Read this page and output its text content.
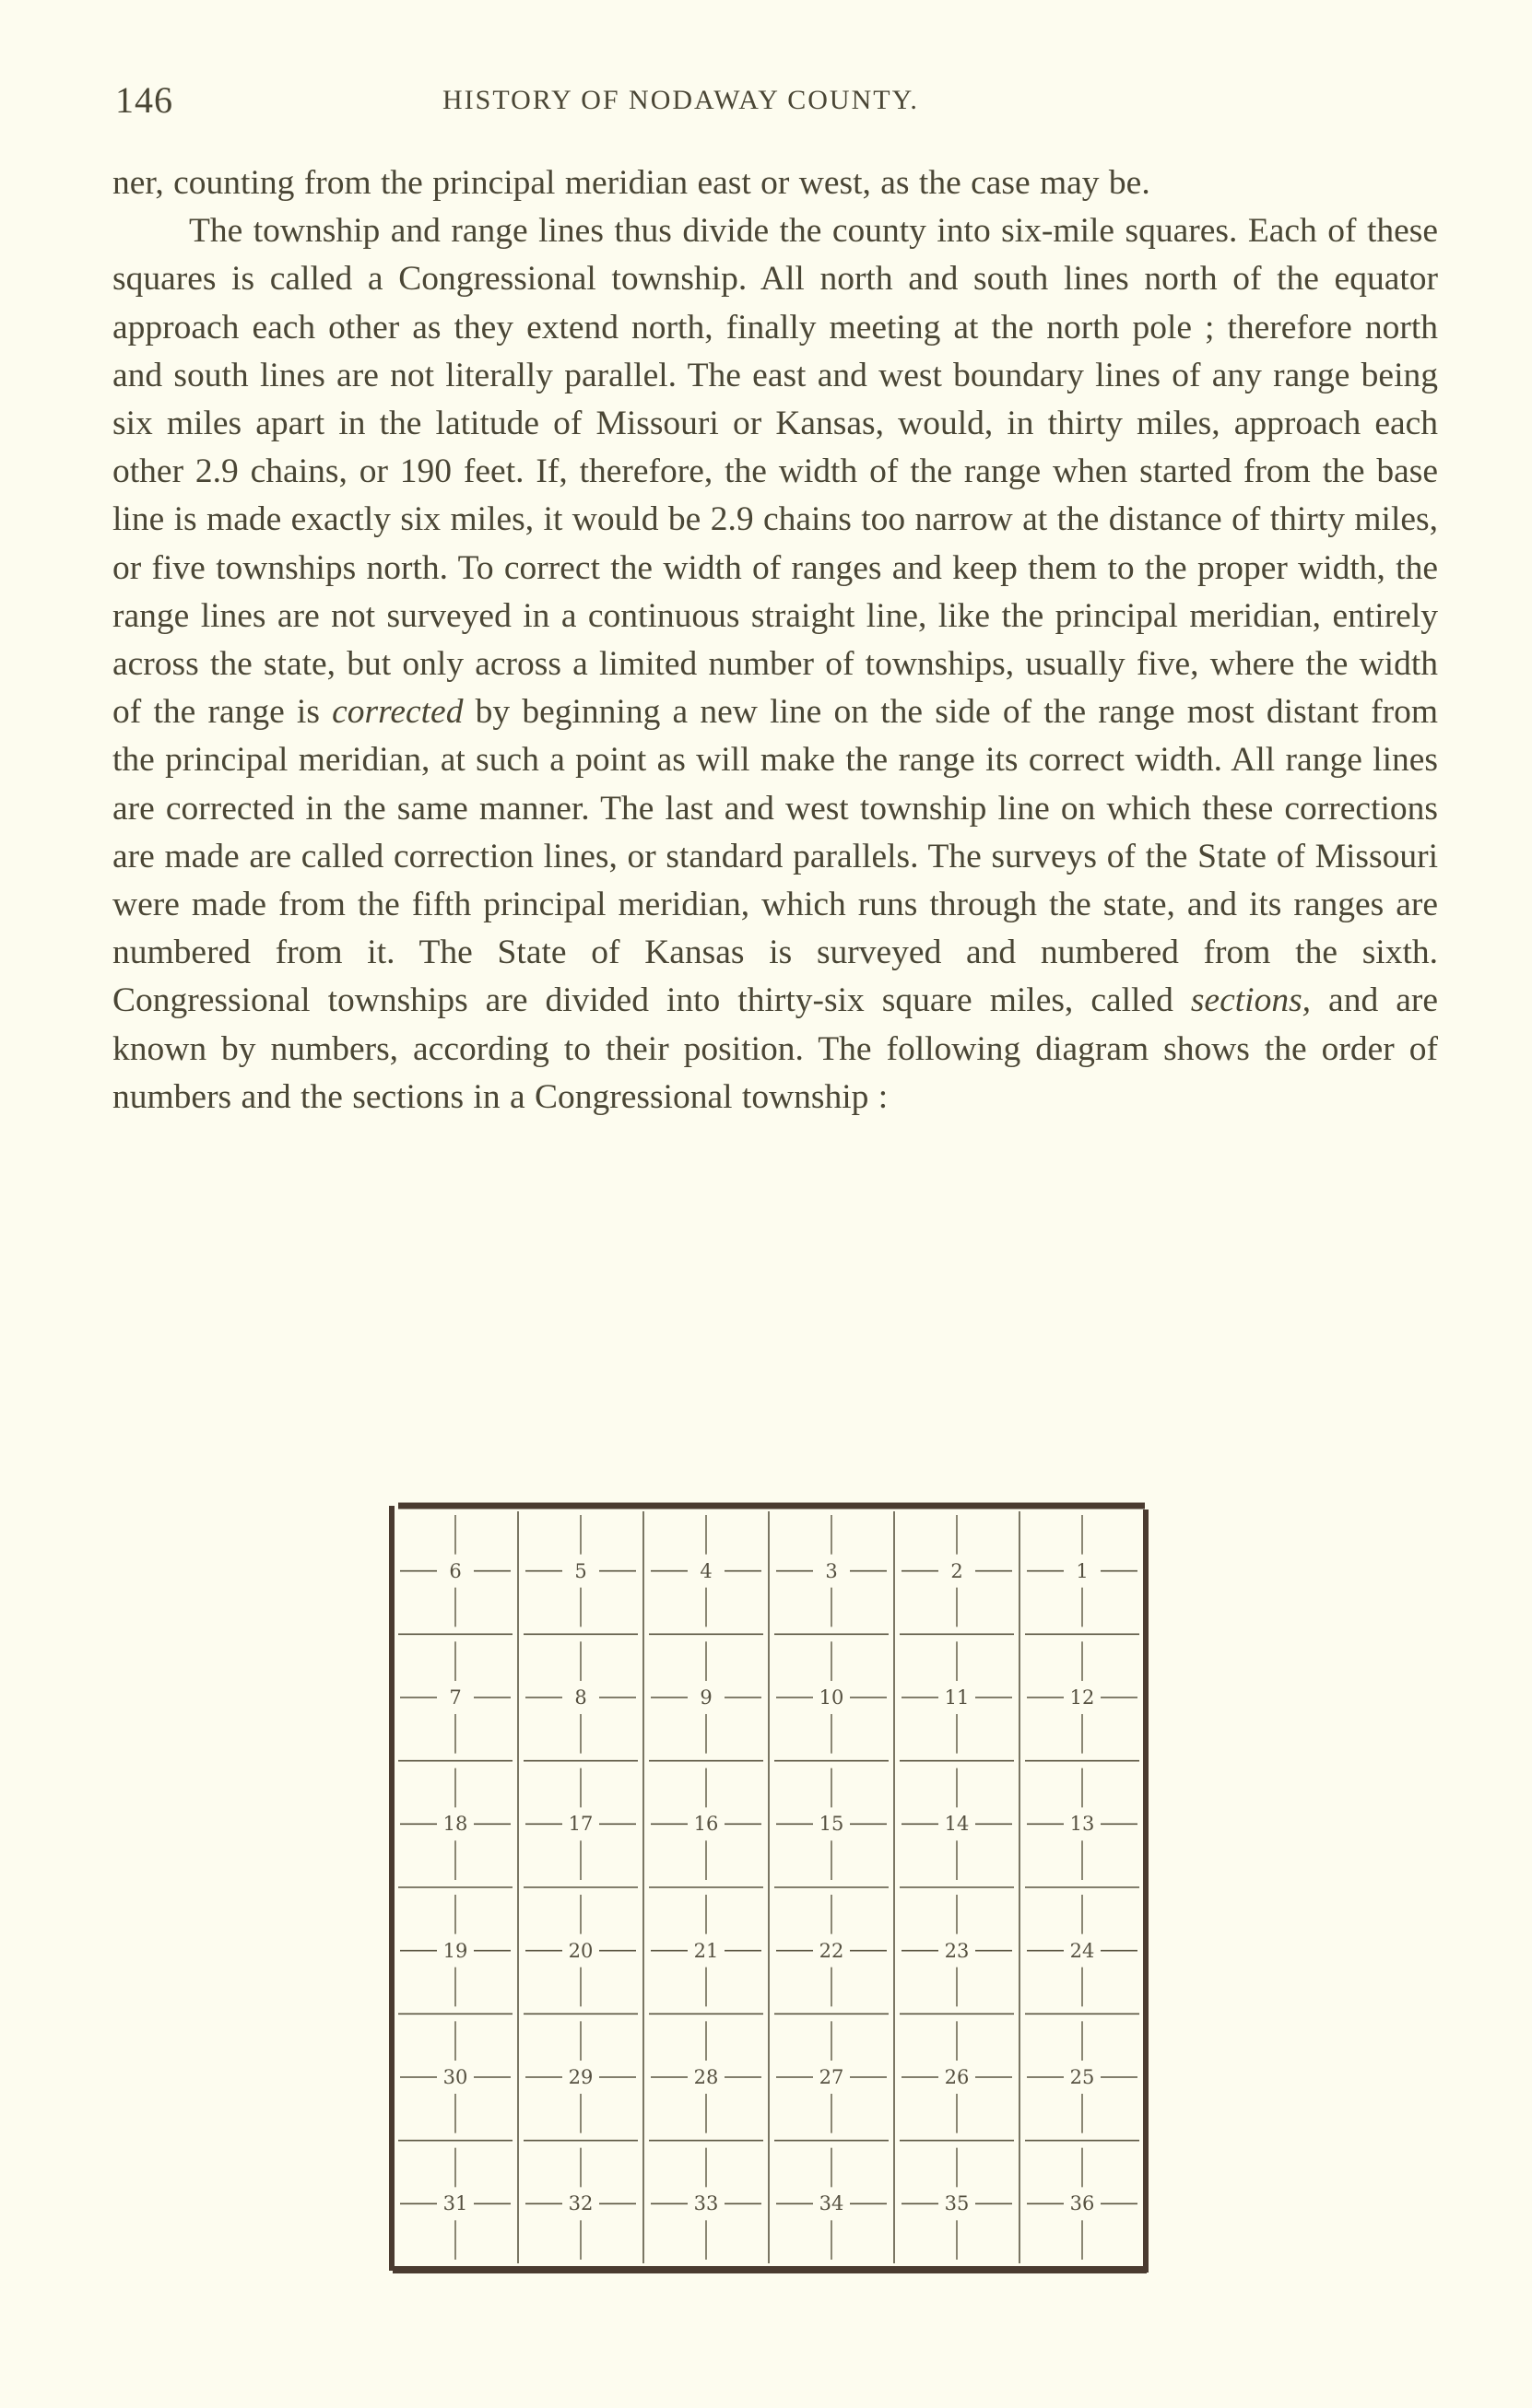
146	HISTORY OF NODAWAY COUNTY.

ner, counting from the principal meridian east or west, as the case may be.

The township and range lines thus divide the county into six-mile squares. Each of these squares is called a Congressional township. All north and south lines north of the equator approach each other as they extend north, finally meeting at the north pole ; therefore north and south lines are not literally parallel. The east and west boundary lines of any range being six miles apart in the latitude of Missouri or Kansas, would, in thirty miles, approach each other 2.9 chains, or 190 feet. If, therefore, the width of the range when started from the base line is made exactly six miles, it would be 2.9 chains too narrow at the distance of thirty miles, or five townships north. To correct the width of ranges and keep them to the proper width, the range lines are not surveyed in a continuous straight line, like the principal meridian, entirely across the state, but only across a limited number of townships, usually five, where the width of the range is corrected by beginning a new line on the side of the range most distant from the principal meridian, at such a point as will make the range its correct width. All range lines are corrected in the same manner. The last and west township line on which these corrections are made are called correction lines, or standard parallels. The surveys of the State of Missouri were made from the fifth principal meridian, which runs through the state, and its ranges are numbered from it. The State of Kansas is surveyed and numbered from the sixth. Congressional townships are divided into thirty-six square miles, called sections, and are known by numbers, according to their position. The following diagram shows the order of numbers and the sections in a Congressional township :

6	5	4	3	2	1
7	8	9	10	11	12
18	17	16	15	14	13
19	20	21	22	23	24
30	29	28	27	26	25
31	32	33	34	35	36
